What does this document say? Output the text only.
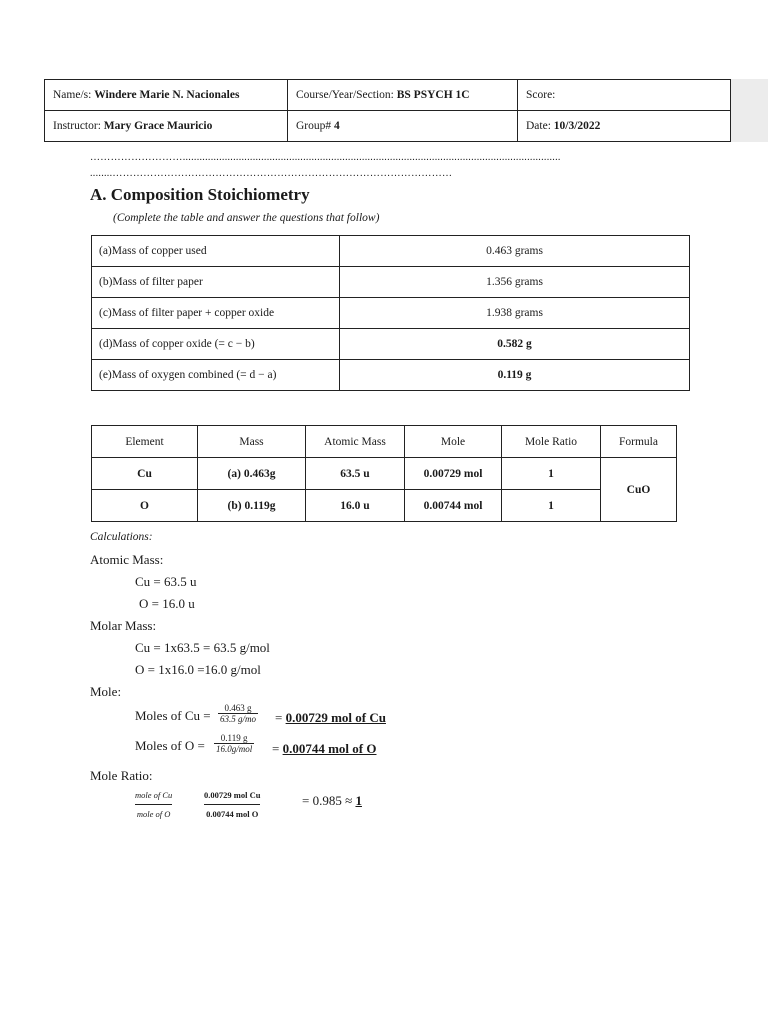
Name/s: Windere Marie N. Nacionales	Course/Year/Section: BS PSYCH 1C	Score:
Instructor: Mary Grace Mauricio	Group# 4	Date: 10/3/2022
……………………….......................................................................................................................................
........………………………………………………………………………………………
A. Composition Stoichiometry
(Complete the table and answer the questions that follow)
(a)Mass of copper used	0.463 grams
(b)Mass of filter paper	1.356 grams
(c)Mass of filter paper + copper oxide	1.938 grams
(d)Mass of copper oxide (= c − b)	0.582 g
(e)Mass of oxygen combined (= d − a)	0.119 g
Element	Mass	Atomic Mass	Mole	Mole Ratio	Formula
Cu	(a) 0.463g	63.5 u	0.00729 mol	1	CuO
O	(b) 0.119g	16.0 u	0.00744 mol	1	
Calculations:
Atomic Mass:
Cu = 63.5 u
O = 16.0 u
Molar Mass:
Cu = 1x63.5 = 63.5 g/mol
O = 1x16.0 =16.0 g/mol
Mole:
Moles of $Cu = \frac{0.463 g}{63.5 g/mo} = 0.00729$ mol of Cu
Moles of O = 0.119 g
16.0g/mol = 0.00744 mol of O
Mole Ratio:
mole of Cu
mole of O
0.00729 mol Cu
0.00744 mol O
= 0.985 ≈ 1
